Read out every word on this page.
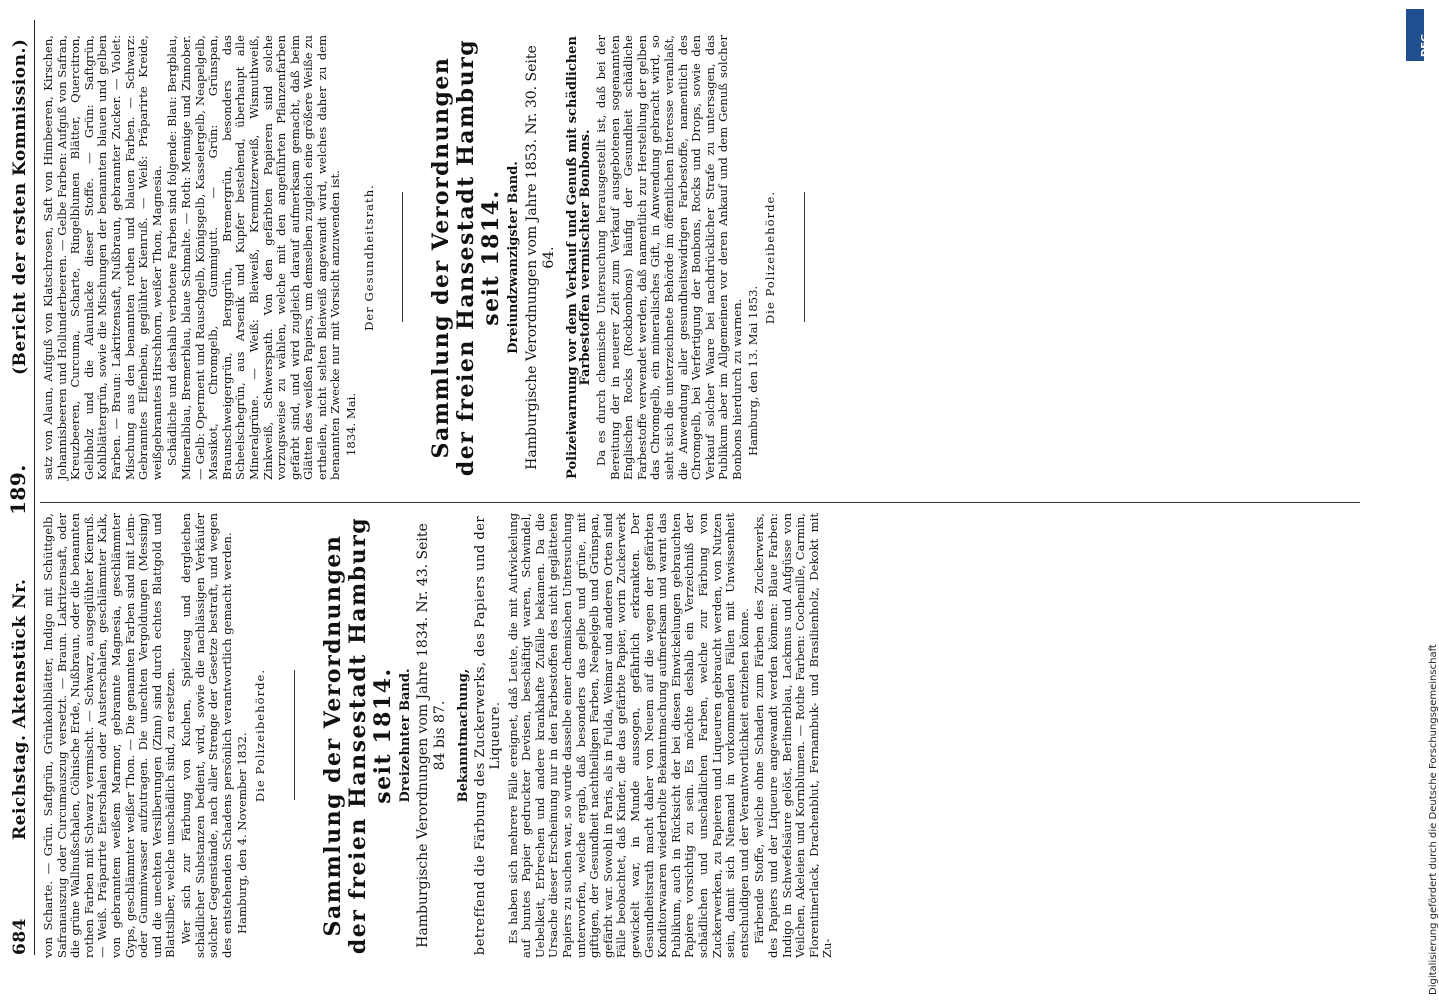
684
Reichstag. Aktenstück Nr.
189.
(Bericht der ersten Kommission.)

von Scharte. — Grün. Saftgrün, Grünkohlblätter, Indigo mit Schüttgelb, Safranauszug oder Curcumauszug versetzt. — Braun. Lakritzensaft, oder die grüne Wallnußschalen, Cölnische Erde, Nußbraun, oder die benannten rothen Farben mit Schwarz vermischt. — Schwarz, ausgeglühter Kienruß. — Weiß. Präparirte Eierschalen oder Austerschalen, geschlämmter Kalk, von gebranntem weißem Marmor, gebrannte Magnesia, geschlämmter Gyps, geschlämmter weißer Thon. — Die genannten Farben sind mit Leim- oder Gummiwasser aufzutragen. Die unechten Vergoldungen (Messing) und die unechten Versilberungen (Zinn) sind durch echtes Blattgold und Blattsilber, welche unschädlich sind, zu ersetzen. Wer sich zur Färbung von Kuchen, Spielzeug und dergleichen schädlicher Substanzen bedient, wird, sowie die nachlässigen Verkäufer solcher Gegenstände, nach aller Strenge der Gesetze bestraft, und wegen des entstehenden Schadens persönlich verantwortlich gemacht werden. Hamburg, den 4. November 1832. Die Polizeibehörde. Sammlung der Verordnungen der freien Hansestadt Hamburg seit 1814. Dreizehnter Band. Hamburgische Verordnungen vom Jahre 1834. Nr. 43. Seite 84 bis 87. Bekanntmachung, betreffend die Färbung des Zuckerwerks, des Papiers und der Liqueure. Es haben sich mehrere Fälle ereignet, daß Leute, die mit Aufwickelung auf buntes Papier gedruckter Devisen, beschäftigt waren, Schwindel, Uebelkeit, Erbrechen und andere krankhafte Zufälle bekamen. Da die Ursache dieser Erscheinung nur in den Farbestoffen des nicht geglätteten Papiers zu suchen war, so wurde dasselbe einer chemischen Untersuchung unterworfen, welche ergab, daß besonders das gelbe und grüne, mit giftigen, der Gesundheit nachtheiligen Farben, Neapelgelb und Grünspan, gefärbt war. Sowohl in Paris, als in Fulda, Weimar und anderen Orten sind Fälle beobachtet, daß Kinder, die das gefärbte Papier, worin Zuckerwerk gewickelt war, in Munde aussogen, gefährlich erkrankten. Der Gesundheitsrath macht daher von Neuem auf die wegen der gefärbten Konditorwaaren wiederholte Bekanntmachung aufmerksam und warnt das Publikum, auch in Rücksicht der bei diesen Einwickelungen gebrauchten Papiere vorsichtig zu sein. Es möchte deshalb ein Verzeichniß der schädlichen und unschädlichen Farben, welche zur Färbung von Zuckerwerken, zu Papieren und Liqueuren gebraucht werden, von Nutzen sein, damit sich Niemand in vorkommenden Fällen mit Unwissenheit entschuldigen und der Verantwortlichkeit entziehen könne. Färbende Stoffe, welche ohne Schaden zum Färben des Zuckerwerks, des Papiers und der Liqueure angewandt werden können: Blaue Farben: Indigo in Schwefelsäure gelöst, Berlinerblau, Lackmus und Aufgüsse von Veilchen, Akeleien und Kornblumen. — Rothe Farben: Cochenille, Carmin, Florentinerlack, Drachenblut, Fernambuk- und Brasilienholz, Dekokt mit Zu-

satz von Alaun, Aufguß von Klatschrosen, Saft von Himbeeren, Kirschen, Johannisbeeren und Hollunderbeeren. — Gelbe Farben: Aufguß von Safran, Kreuzbeeren, Curcuma, Scharte, Ringelblumen Blätter, Quercitron, Gelbholz und die Alaunlacke dieser Stoffe. — Grün: Saftgrün, Kohlblättergrün, sowie die Mischungen der benannten blauen und gelben Farben. — Braun: Lakritzensaft, Nußbraun, gebrannter Zucker. — Violet: Mischung aus den benannten rothen und blauen Farben. — Schwarz: Gebranntes Elfenbein, geglühter Kienruß. — Weiß: Präparirte Kreide, weißgebranntes Hirschhorn, weißer Thon, Magnesia. Schädliche und deshalb verbotene Farben sind folgende: Blau: Bergblau, Mineralblau, Bremerblau, blaue Schmalte. — Roth: Mennige und Zinnober. — Gelb: Operment und Rauschgelb, Königsgelb, Kasselergelb, Neapelgelb, Massikot, Chromgelb, Gummigutt. — Grün: Grünspan, Braunschweigergrün, Berggrün, Bremergrün, besonders das Scheelschegrün, aus Arsenik und Kupfer bestehend, überhaupt alle Mineralgrüne. — Weiß: Bleiweiß, Kremnitzerweiß, Wismuthweiß, Zinkweiß, Schwerspath. Von den gefärbten Papieren sind solche vorzugsweise zu wählen, welche mit den angeführten Pflanzenfarben gefärbt sind, und wird zugleich darauf aufmerksam gemacht, daß beim Glätten des weißen Papiers, um demselben zugleich eine größere Weiße zu ertheilen, nicht selten Bleiweiß angewandt wird, welches daher zu dem benannten Zwecke nur mit Vorsicht anzuwenden ist. 1834. Mai.

Der Gesundheitsrath. Sammlung der Verordnungen der freien Hansestadt Hamburg seit 1814. Dreiundzwanzigster Band. Hamburgische Verordnungen vom Jahre 1853. Nr. 30. Seite 64. Polizeiwarnung vor dem Verkauf und Genuß mit schädlichen Farbestoffen vermischter Bonbons. Da es durch chemische Untersuchung herausgestellt ist, daß bei der Bereitung der in neuerer Zeit zum Verkauf ausgebotenen sogenannten Englischen Rocks (Rockbonbons) häufig der Gesundheit schädliche Farbestoffe verwendet werden, daß namentlich zur Herstellung der gelben das Chromgelb, ein mineralisches Gift, in Anwendung gebracht wird, so sieht sich die unterzeichnete Behörde im öffentlichen Interesse veranlaßt, die Anwendung aller gesundheitswidrigen Farbestoffe, namentlich des Chromgelb, bei Verfertigung der Bonbons, Rocks und Drops, sowie den Verkauf solcher Waare bei nachdrücklicher Strafe zu untersagen, das Publikum aber im Allgemeinen vor deren Ankauf und dem Genuß solcher Bonbons hierdurch zu warnen. Hamburg, den 13. Mai 1853.

Die Polizeibehörde.

DFG
Digitalisierung gefördert durch die Deutsche Forschungsgemeinschaft
